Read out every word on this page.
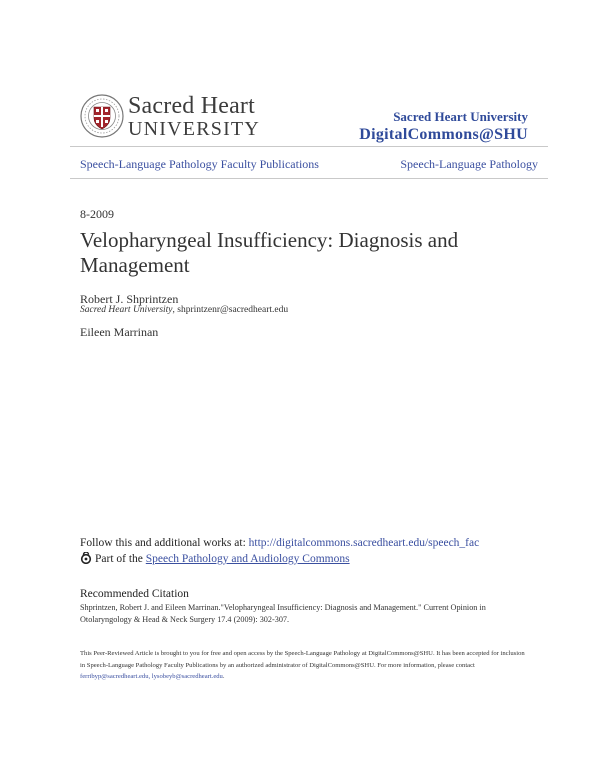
Sacred Heart
UNIVERSITY
Sacred Heart University
DigitalCommons@SHU
Speech-Language Pathology Faculty Publications	Speech-Language Pathology
8-2009
Velopharyngeal Insufficiency: Diagnosis and Management
Robert J. Shprintzen
Sacred Heart University, shprintzenr@sacredheart.edu
Eileen Marrinan
Follow this and additional works at: http://digitalcommons.sacredheart.edu/speech_fac
Part of the Speech Pathology and Audiology Commons
Recommended Citation
Shprintzen, Robert J. and Eileen Marrinan."Velopharyngeal Insufficiency: Diagnosis and Management." Current Opinion in Otolaryngology & Head & Neck Surgery 17.4 (2009): 302-307.
This Peer-Reviewed Article is brought to you for free and open access by the Speech-Language Pathology at DigitalCommons@SHU. It has been accepted for inclusion in Speech-Language Pathology Faculty Publications by an authorized administrator of DigitalCommons@SHU. For more information, please contact ferribyp@sacredheart.edu, lysobeyb@sacredheart.edu.
